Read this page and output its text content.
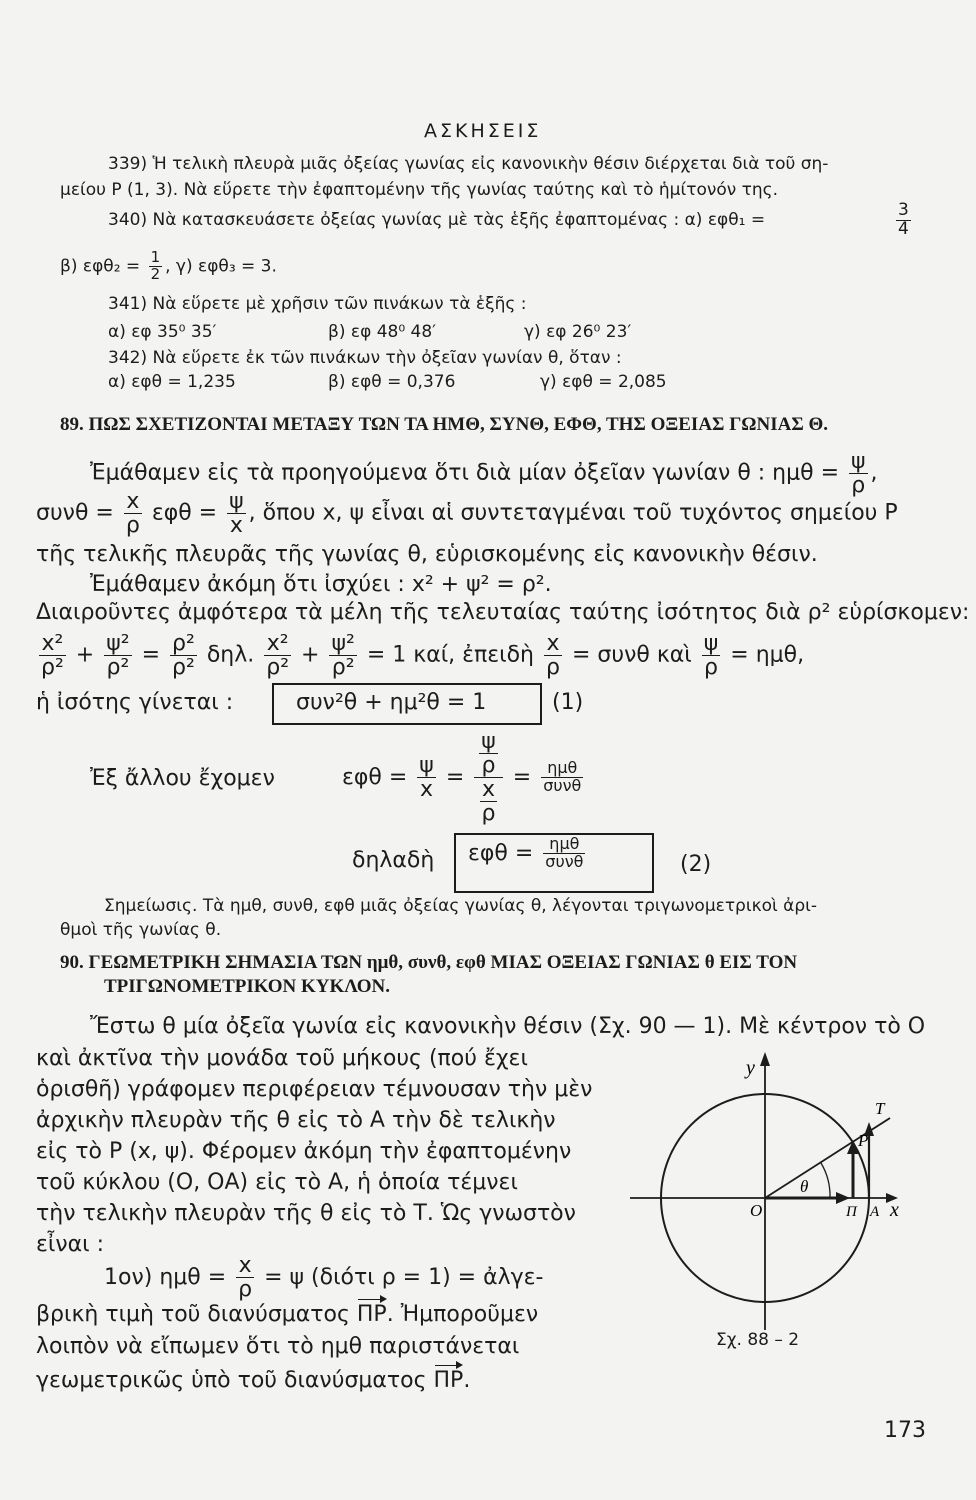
ΑΣΚΗΣΕΙΣ
339) Ἡ τελικὴ πλευρὰ μιᾶς ὀξείας γωνίας εἰς κανονικὴν θέσιν διέρχεται διὰ τοῦ ση-
μείου Ρ (1, 3). Νὰ εὕρετε τὴν ἐφαπτομένην τῆς γωνίας ταύτης καὶ τὸ ἡμίτονόν της.
340) Νὰ κατασκευάσετε ὀξείας γωνίας μὲ τὰς ἑξῆς ἐφαπτομένας : α) εφθ₁ =	$\frac{3}{4}$
β) $\varepsilon\varphi\theta_2 = \frac{1}{2}$ , γ) εφθ₃ = 3.
341) Νὰ εὕρετε μὲ χρῆσιν τῶν πινάκων τὰ ἑξῆς :
α) εφ 35⁰ 35′	β) εφ 48⁰ 48′	γ) εφ 26⁰ 23′
342) Νὰ εὕρετε ἐκ τῶν πινάκων τὴν ὀξεῖαν γωνίαν θ, ὅταν :
α) εφθ = 1,235	β) εφθ = 0,376	γ) εφθ = 2,085
89. ΠΩΣ ΣΧΕΤΙΖΟΝΤΑΙ ΜΕΤΑΞΥ ΤΩΝ ΤΑ ΗΜΘ, ΣΥΝΘ, ΕΦΘ, ΤΗΣ ΟΞΕΙΑΣ ΓΩΝΙΑΣ Θ.
Ἐμάθαμεν εἰς τὰ προηγούμενα ὅτι διὰ μίαν ὀξεῖαν γωνίαν θ : $\eta\mu\theta = \frac{\psi}{\rho}$ ,
$\sigma\upsilon\nu\theta = \frac{x}{\rho}$ $\varepsilon\varphi\theta = \frac{\psi}{x}$ , ὅπου x, ψ εἶναι αἱ συντεταγμέναι τοῦ τυχόντος σημείου Ρ
τῆς τελικῆς πλευρᾶς τῆς γωνίας θ, εὑρισκομένης εἰς κανονικὴν θέσιν.
Ἐμάθαμεν ἀκόμη ὅτι ἰσχύει : x² + ψ² = ρ².
Διαιροῦντες ἀμφότερα τὰ μέλη τῆς τελευταίας ταύτης ἰσότητος διὰ ρ² εὑρίσκομεν:
$\frac{\text{x²}}{\text{ρ²}} + \frac{\text{ψ²}}{\text{ρ²}} = \frac{\text{ρ²}}{\text{ρ²}} \delta\eta\lambda$. $\frac{\text{x²}}{\text{ρ²}} + \frac{\text{ψ²}}{\text{ρ²}} = 1$ καί, ἐπειδὴ $\frac{x}{\rho} = \sigma\upsilon\nu\theta$ καὶ $\frac{\psi}{\rho} = \eta\mu\theta$,
ἡ ἰσότης γίνεται :	συν²θ + ημ²θ = 1	(1)
Ἐξ ἄλλου ἔχομεν	$\varepsilon\varphi\theta = \frac{\psi}{x} = \frac{\frac{\psi}{\rho}}{\frac{x}{\rho}} = \frac{\text{ημθ}}{\text{συνθ}}$
δηλαδὴ $\varepsilon\varphi\theta = \frac{\text{ημθ}}{\text{συνθ}}$	(2)
Σημείωσις. Τὰ ημθ, συνθ, εφθ μιᾶς ὀξείας γωνίας θ, λέγονται τριγωνομετρικοὶ ἀρι-
θμοὶ τῆς γωνίας θ.
90. ΓΕΩΜΕΤΡΙΚΗ ΣΗΜΑΣΙΑ ΤΩΝ ημθ, συνθ, εφθ ΜΙΑΣ ΟΞΕΙΑΣ ΓΩΝΙΑΣ θ ΕΙΣ ΤΟΝ
ΤΡΙΓΩΝΟΜΕΤΡΙΚΟΝ ΚΥΚΛΟΝ.
Ἔστω θ μία ὀξεῖα γωνία εἰς κανονικὴν θέσιν (Σχ. 90 — 1). Μὲ κέντρον τὸ Ο
καὶ ἀκτῖνα τὴν μονάδα τοῦ μήκους (πού ἔχει
ὁρισθῆ) γράφομεν περιφέρειαν τέμνουσαν τὴν μὲν
ἀρχικὴν πλευρὰν τῆς θ εἰς τὸ Α τὴν δὲ τελικὴν
εἰς τὸ Ρ (x, ψ). Φέρομεν ἀκόμη τὴν ἐφαπτομένην
τοῦ κύκλου (Ο, ΟΑ) εἰς τὸ Α, ἡ ὁποία τέμνει
τὴν τελικὴν πλευρὰν τῆς θ εἰς τὸ Τ. Ὡς γνωστὸν
εἶναι :
1ον) $\eta\mu\theta = \frac{x}{\rho} = \psi$ (διότι ρ = 1) = ἀλγε-
βρικὴ τιμὴ τοῦ διανύσματος ΠΡ. Ἠμποροῦμεν
λοιπὸν νὰ εἴπωμεν ὅτι τὸ ημθ παριστάνεται
γεωμετρικῶς ὑπὸ τοῦ διανύσματος ΠΡ.
y
x
O
P
T
Π A
θ
Σχ. 88 – 2
173
